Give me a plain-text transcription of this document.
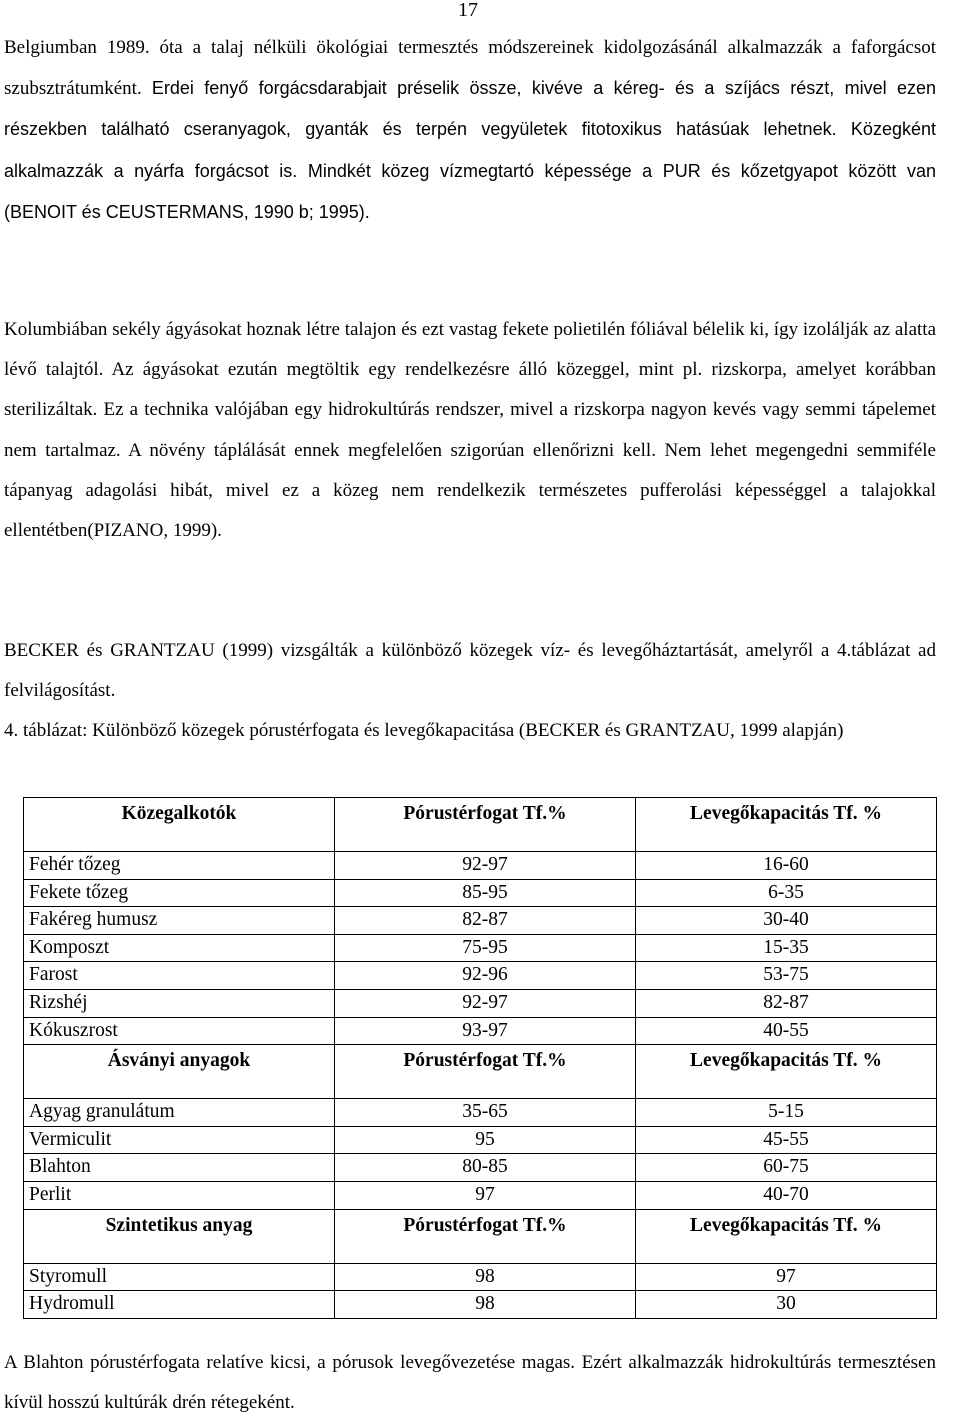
17

Belgiumban 1989. óta a talaj nélküli ökológiai termesztés módszereinek kidolgozásánál alkalmazzák a faforgácsot szubsztrátumként. Erdei fenyő forgácsdarabjait préselik össze, kivéve a kéreg- és a szíjács részt, mivel ezen részekben található cseranyagok, gyanták és terpén vegyületek fitotoxikus hatásúak lehetnek. Közegként alkalmazzák a nyárfa forgácsot is. Mindkét közeg vízmegtartó képessége a PUR és kőzetgyapot között van (BENOIT és CEUSTERMANS, 1990 b; 1995).

Kolumbiában sekély ágyásokat hoznak létre talajon és ezt vastag fekete polietilén fóliával bélelik ki, így izolálják az alatta lévő talajtól. Az ágyásokat ezután megtöltik egy rendelkezésre álló közeggel, mint pl. rizskorpa, amelyet korábban sterilizáltak. Ez a technika valójában egy hidrokultúrás rendszer, mivel a rizskorpa nagyon kevés vagy semmi tápelemet nem tartalmaz. A növény táplálását ennek megfelelően szigorúan ellenőrizni kell. Nem lehet megengedni semmiféle tápanyag adagolási hibát, mivel ez a közeg nem rendelkezik természetes pufferolási képességgel a talajokkal ellentétben(PIZANO, 1999).

BECKER és GRANTZAU (1999) vizsgálták a különböző közegek víz- és levegőháztartását, amelyről a 4.táblázat ad felvilágosítást.

4. táblázat: Különböző közegek pórustérfogata és levegőkapacitása (BECKER és GRANTZAU, 1999 alapján)

Közegalkotók	Pórustérfogat Tf.%	Levegőkapacitás Tf. %
Fehér tőzeg	92-97	16-60
Fekete tőzeg	85-95	6-35
Fakéreg humusz	82-87	30-40
Komposzt	75-95	15-35
Farost	92-96	53-75
Rizshéj	92-97	82-87
Kókuszrost	93-97	40-55
Ásványi anyagok	Pórustérfogat Tf.%	Levegőkapacitás Tf. %
Agyag granulátum	35-65	5-15
Vermiculit	95	45-55
Blahton	80-85	60-75
Perlit	97	40-70
Szintetikus anyag	Pórustérfogat Tf.%	Levegőkapacitás Tf. %
Styromull	98	97
Hydromull	98	30

A Blahton pórustérfogata relatíve kicsi, a pórusok levegővezetése magas. Ezért alkalmazzák hidrokultúrás termesztésen kívül hosszú kultúrák drén rétegeként.
